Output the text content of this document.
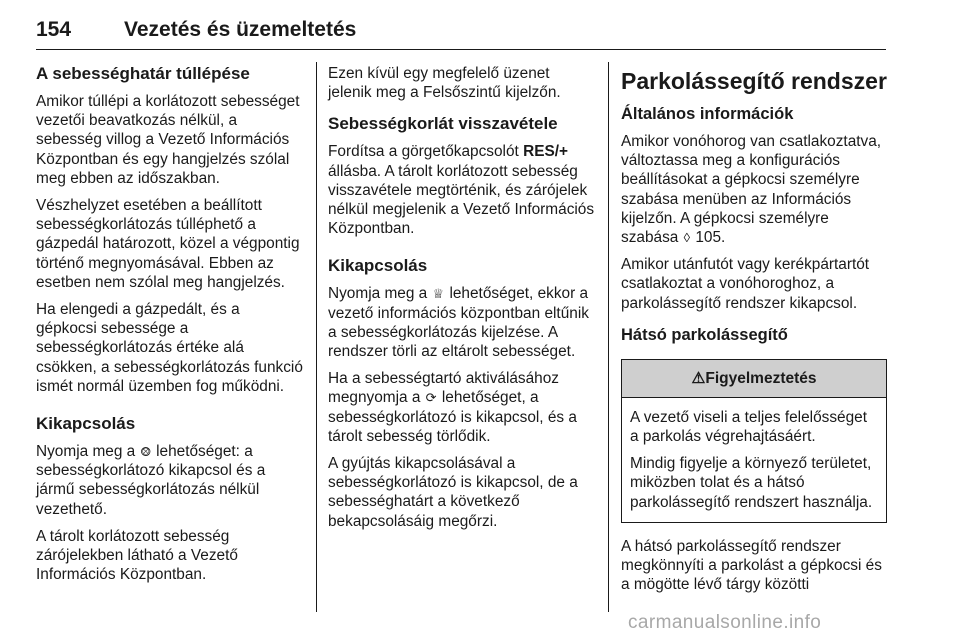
154	Vezetés és üzemeltetés
A sebességhatár túllépése

Amikor túllépi a korlátozott sebességet vezetői beavatkozás nélkül, a sebesség villog a Vezető Információs Központban és egy hangjelzés szólal meg ebben az időszakban.

Vészhelyzet esetében a beállított sebességkorlátozás túlléphető a gázpedál határozott, közel a végpontig történő megnyomásával. Ebben az esetben nem szólal meg hangjelzés.

Ha elengedi a gázpedált, és a gépkocsi sebessége a sebességkorlátozás értéke alá csökken, a sebességkorlátozás funkció ismét normál üzemben fog működni.

Kikapcsolás

Nyomja meg a ⨷ lehetőséget: a sebességkorlátozó kikapcsol és a jármű sebességkorlátozás nélkül vezethető.

A tárolt korlátozott sebesség zárójelekben látható a Vezető Információs Központban.

Ezen kívül egy megfelelő üzenet jelenik meg a Felsőszintű kijelzőn.

Sebességkorlát visszavétele

Fordítsa a görgetőkapcsolót RES/+ állásba. A tárolt korlátozott sebesség visszavétele megtörténik, és zárójelek nélkül megjelenik a Vezető Információs Központban.

Kikapcsolás

Nyomja meg a ♕ lehetőséget, ekkor a vezető információs központban eltűnik a sebességkorlátozás kijelzése. A rendszer törli az eltárolt sebességet.

Ha a sebességtartó aktiválásához megnyomja a ⟳ lehetőséget, a sebességkorlátozó is kikapcsol, és a tárolt sebesség törlődik.

A gyújtás kikapcsolásával a sebességkorlátozó is kikapcsol, de a sebességhatárt a következő bekapcsolásáig megőrzi.

Parkolássegítő rendszer
Általános információk

Amikor vonóhorog van csatlakoztatva, változtassa meg a konfigurációs beállításokat a gépkocsi személyre szabása menüben az Információs kijelzőn. A gépkocsi személyre szabása ◊ 105.

Amikor utánfutót vagy kerékpártartót csatlakoztat a vonóhoroghoz, a parkolássegítő rendszer kikapcsol.

Hátsó parkolássegítő
⚠Figyelmeztetés

A vezető viseli a teljes felelősséget a parkolás végrehajtásáért.

Mindig figyelje a környező területet, miközben tolat és a hátsó parkolássegítő rendszert használja.

A hátsó parkolássegítő rendszer megkönnyíti a parkolást a gépkocsi és a mögötte lévő tárgy közötti

carmanualsonline.info
